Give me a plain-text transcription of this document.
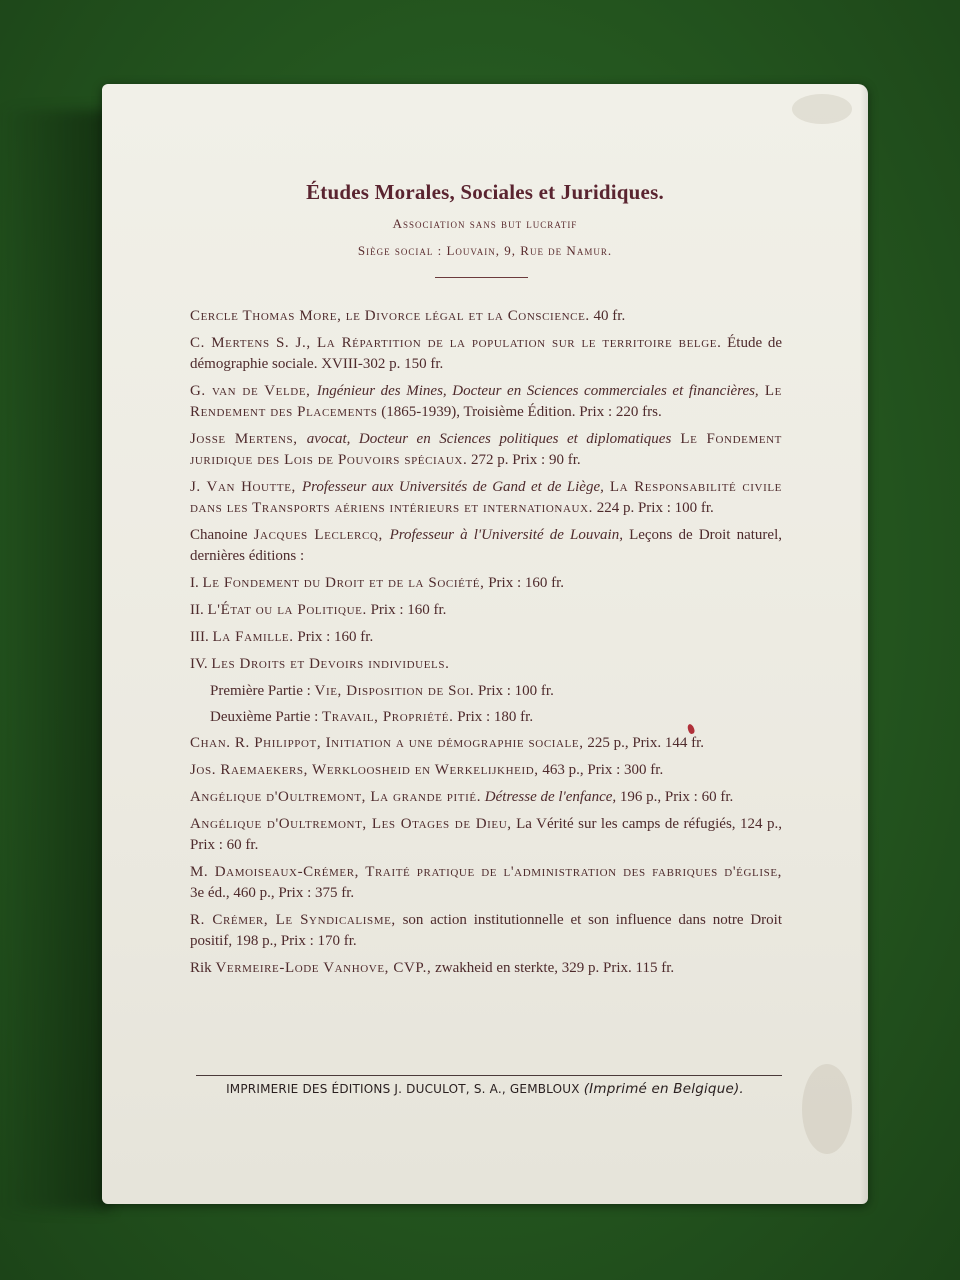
Études Morales, Sociales et Juridiques.
Association sans but lucratif
Siège social : Louvain, 9, Rue de Namur.
Cercle Thomas More, le Divorce légal et la Conscience. 40 fr.
C. Mertens S. J., La Répartition de la population sur le territoire belge. Étude de démographie sociale. XVIII-302 p. 150 fr.
G. van de Velde, Ingénieur des Mines, Docteur en Sciences commerciales et financières, Le Rendement des Placements (1865-1939), Troisième Édition. Prix : 220 frs.
Josse Mertens, avocat, Docteur en Sciences politiques et diplomatiques Le Fondement juridique des Lois de Pouvoirs spéciaux. 272 p. Prix : 90 fr.
J. Van Houtte, Professeur aux Universités de Gand et de Liège, La Responsabilité civile dans les Transports aériens intérieurs et internationaux. 224 p. Prix : 100 fr.
Chanoine Jacques Leclercq, Professeur à l'Université de Louvain, Leçons de Droit naturel, dernières éditions :
I. Le Fondement du Droit et de la Société, Prix : 160 fr.
II. L'État ou la Politique. Prix : 160 fr.
III. La Famille. Prix : 160 fr.
IV. Les Droits et Devoirs individuels.
Première Partie : Vie, Disposition de Soi. Prix : 100 fr.
Deuxième Partie : Travail, Propriété. Prix : 180 fr.
Chan. R. Philippot, Initiation a une démographie sociale, 225 p., Prix. 144 fr.
Jos. Raemaekers, Werkloosheid en Werkelijkheid, 463 p., Prix : 300 fr.
Angélique d'Oultremont, La grande pitié. Détresse de l'enfance, 196 p., Prix : 60 fr.
Angélique d'Oultremont, Les Otages de Dieu, La Vérité sur les camps de réfugiés, 124 p., Prix : 60 fr.
M. Damoiseaux-Crémer, Traité pratique de l'administration des fabriques d'église, 3e éd., 460 p., Prix : 375 fr.
R. Crémer, Le Syndicalisme, son action institutionnelle et son influence dans notre Droit positif, 198 p., Prix : 170 fr.
Rik Vermeire-Lode Vanhove, CVP., zwakheid en sterkte, 329 p. Prix. 115 fr.
IMPRIMERIE DES ÉDITIONS J. DUCULOT, S. A., GEMBLOUX (Imprimé en Belgique).
